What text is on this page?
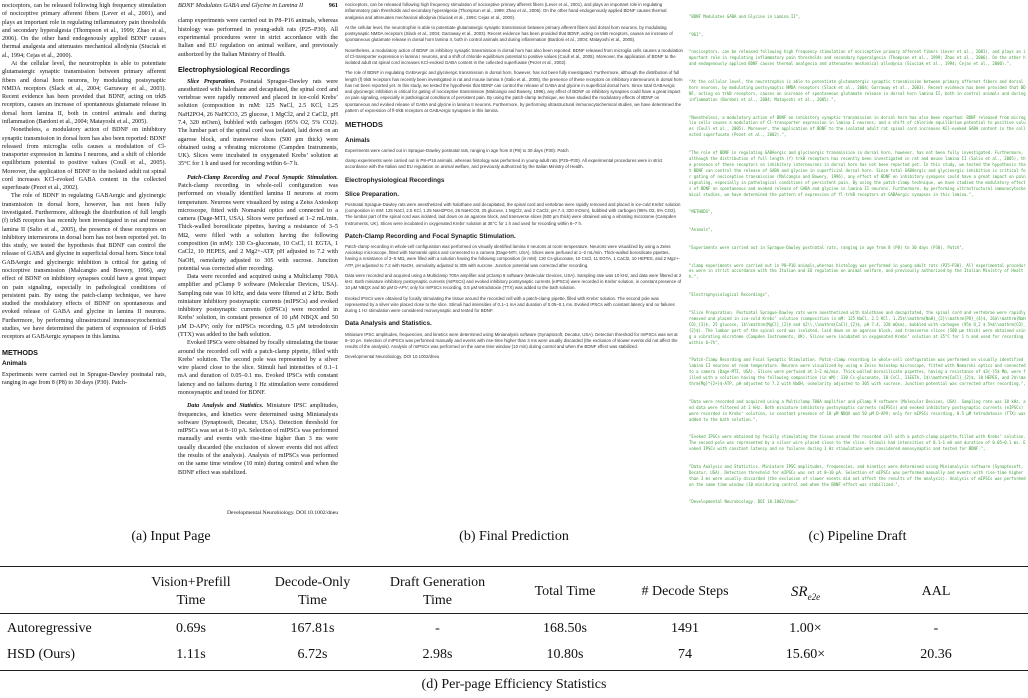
nociceptors, can be released following high frequency stimulation of nociceptive primary afferent fibers (Lever et al., 2001), and plays an important role in regulating inflammatory pain thresholds and secondary hyperalgesia (Thompson et al., 1999; Zhao et al., 2006). On the other hand endogenously applied BDNF causes thermal analgesia and attenuates mechanical allodynia (Siuciak et al., 1994; Cejas et al., 2000).

At the cellular level, the neurotrophin is able to potentiate glutamatergic synaptic transmission between primary afferent fibers and dorsal horn neurons, by modulating postsynaptic NMDA receptors (Slack et al., 2004; Garraway et al., 2003). Recent evidence has been provided that BDNF, acting on trkB receptors, causes an increase of spontaneous glutamate release in dorsal horn lamina II, both in control animals and during inflammation (Bardoni et al., 2004; Matayoshi et al., 2005).

Nonetheless, a modulatory action of BDNF on inhibitory synaptic transmission in dorsal horn has also been reported: BDNF released from microglia cells causes a modulation of Cl-transporter expression in lamina I neurons, and a shift of chloride equilibrium potential to positive values (Coull et al., 2005). Moreover, the application of BDNF to the isolated adult rat spinal cord increases KCl-evoked GABA content in the collected superfusate (Pezet et al., 2002).

The role of BDNF in regulating GABAergic and glycinergic transmission in dorsal horn, however, has not been fully investigated. Furthermore, although the distribution of full length (f) trkB receptors has recently been investigated in rat and mouse lamina II (Salio et al., 2005), the presence of these receptors on inhibitory interneurons in dorsal horn has not been reported yet. In this study, we tested the hypothesis that BDNF can control the release of GABA and glycine in superficial dorsal horn. Since total GABAergic and glycinergic inhibition is critical for gating of nociceptive transmission (Malcangio and Bowery, 1996), any effect of BDNF on inhibitory synapses could have a great impact on pain signaling, especially in pathological conditions of persistent pain. By using the patch-clamp technique, we have studied the modulatory effects of BDNF on spontaneous and evoked release of GABA and glycine in lamina II neurons. Furthermore, by performing ultrastructural immunocytochemical studies, we have determined the pattern of expression of fl-trkB receptors at GABAergic synapses in this lamina.

METHODS
Animals

Experiments were carried out in Sprague-Dawley postnatal rats, ranging in age from 8 (P8) to 30 days (P30). Patch-

BDNF Modulates GABA and Glycine in Lamina II	961

clamp experiments were carried out in P8–P16 animals, whereas histology was performed in young-adult rats (P25–P30). All experimental procedures were in strict accordance with the Italian and EU regulation on animal welfare, and previously authorized by the Italian Ministry of Health.

Electrophysiological Recordings

Slice Preparation. Postnatal Sprague-Dawley rats were anesthetized with halothane and decapitated, the spinal cord and vertebrae were rapidly removed and placed in ice-cold Krebs’ solution (composition in mM: 125 NaCl, 2.5 KCl, 1.25 NaH2PO4, 26 NaHCO3, 25 glucose, 1 MgCl2, and 2 CaCl2, pH 7.4, 320 mOsm), bubbled with carbogen (95% O2, 5% CO2). The lumbar part of the spinal cord was isolated, laid down on an agarose block, and transverse slices (500 μm thick) were obtained using a vibrating microtome (Campden Instruments, UK). Slices were incubated in oxygenated Krebs’ solution at 35°C for 1 h and used for recording within 6–7 h.

Patch-Clamp Recording and Focal Synaptic Stimulation. Patch-clamp recording in whole-cell configuration was performed on visually identified lamina II neurons at room temperature. Neurons were visualized by using a Zeiss Axioskop microscope, fitted with Nomarski optics and connected to a camera (Dage-MTI, USA). Slices were perfused at 1–2 mL/min. Thick-walled borosilicate pipettes, having a resistance of 3–5 MΩ, were filled with a solution having the following composition (in mM): 130 Cs-gluconate, 10 CsCl, 11 EGTA, 1 CaCl2, 10 HEPES, and 2 Mg2+-ATP, pH adjusted to 7.2 with NaOH, osmolarity adjusted to 305 with sucrose. Junction potential was corrected after recording.

Data were recorded and acquired using a Multiclamp 700A amplifier and pClamp 9 software (Molecular Devices, USA). Sampling rate was 10 kHz, and data were filtered at 2 kHz. Both miniature inhibitory postsynaptic currents (mIPSCs) and evoked inhibitory postsynaptic currents (eIPSCs) were recorded in Krebs’ solution, in constant presence of 10 μM NBQX and 50 μM D-APV; only for mIPSCs recording, 0.5 μM tetrodotoxin (TTX) was added to the bath solution.

Evoked IPSCs were obtained by focally stimulating the tissue around the recorded cell with a patch-clamp pipette, filled with Krebs’ solution. The second pole was represented by a silver wire placed close to the slice. Stimuli had intensities of 0.1–1 mA and duration of 0.05–0.1 ms. Evoked IPSCs with constant latency and no failures during 1 Hz stimulation were considered monosynaptic and tested for BDNF.

Data Analysis and Statistics. Miniature IPSC amplitudes, frequencies, and kinetics were determined using Minianalysis software (Synaptosoft, Decatur, USA). Detection threshold for mIPSCs was set at 8–10 pA. Selection of mIPSCs was performed manually and events with rise-time higher than 3 ms were usually discarded (the exclusion of slower events did not affect the results of the analysis). Analysis of mIPSCs was performed on the same time window (10 min) during control and when the BDNF effect was stabilized.

Developmental Neurobiology. DOI 10.1002/dneu

nociceptors, can be released following high frequency stimulation of nociceptive primary afferent fibers (Lever et al., 2001), and plays an important role in regulating inflammatory pain thresholds and secondary hyperalgesia (Thompson et al., 1999; Zhao et al., 2006). On the other hand endogenously applied BDNF causes thermal analgesia and attenuates mechanical allodynia (Siuciak et al., 1994; Cejas et al., 2000).

At the cellular level, the neurotrophin is able to potentiate glutamatergic synaptic transmission between primary afferent fibers and dorsal horn neurons, by modulating postsynaptic NMDA receptors (Slack et al., 2004; Garraway et al., 2003). Recent evidence has been provided that BDNF, acting on trkB receptors, causes an increase of spontaneous glutamate release in dorsal horn lamina II, both in control animals and during inflammation (Bardoni et al., 2004; Matayoshi et al., 2005).

Nonetheless, a modulatory action of BDNF on inhibitory synaptic transmission in dorsal horn has also been reported: BDNF released from microglia cells causes a modulation of Cl-transporter expression in lamina I neurons, and a shift of chloride equilibrium potential to positive values (Coull et al., 2005). Moreover, the application of BDNF to the isolated adult rat spinal cord increases KCl-evoked GABA content in the collected superfusate (Pezet et al., 2002).

The role of BDNF in regulating GABAergic and glycinergic transmission in dorsal horn, however, has not been fully investigated. Furthermore, although the distribution of full length (f) trkB receptors has recently been investigated in rat and mouse lamina II (Salio et al., 2005), the presence of these receptors on inhibitory interneurons in dorsal horn has not been reported yet. In this study, we tested the hypothesis that BDNF can control the release of GABA and glycine in superficial dorsal horn. Since total GABAergic and glycinergic inhibition is critical for gating of nociceptive transmission (Malcangio and Bowery, 1996), any effect of BDNF on inhibitory synapses could have a great impact on pain signaling, especially in pathological conditions of persistent pain. By using the patch-clamp technique, we have studied the modulatory effects of BDNF on spontaneous and evoked release of GABA and glycine in lamina II neurons. Furthermore, by performing ultrastructural immunocytochemical studies, we have determined the pattern of expression of fl-trkB receptors at GABAergic synapses in this lamina.

METHODS
Animals

Experiments were carried out in Sprague-Dawley postnatal rats, ranging in age from 8 (P8) to 30 days (P30). Patch

clamp experiments were carried out in P8–P16 animals, whereas histology was performed in young-adult rats (P25–P30). All experimental procedures were in strict accordance with the Italian and EU regulation on animal welfare, and previously authorized by the Italian Ministry of Health.

Electrophysiological Recordings
Slice Preparation.

Postnatal Sprague-Dawley rats were anesthetized with halothane and decapitated, the spinal cord and vertebrae were rapidly removed and placed in ice-cold Krebs’ solution (composition in mM: 125 NaCl, 2.5 KCl, 1.25 NaH2PO4, 26 NaHCO3, 25 glucose, 1 MgCl2, and 2 CaCl2, pH 7.4, 320 mOsm), bubbled with carbogen (95% O2, 5% CO2). The lumbar part of the spinal cord was isolated, laid down on an agarose block, and transverse slices (500 μm thick) were obtained using a vibrating microtome (Campden Instruments, UK). Slices were incubated in oxygenated Krebs’ solution at 35°C for 1 h and used for recording within 6–7 h.

Patch-Clamp Recording and Focal Synaptic Stimulation.

Patch-clamp recording in whole-cell configuration was performed on visually identified lamina II neurons at room temperature. Neurons were visualized by using a Zeiss Axioskop microscope, fitted with Nomarski optics and connected to a camera (Dage-MTI, USA). Slices were perfused at 1–2 mL/min. Thick-walled borosilicate pipettes, having a resistance of 3–5 MΩ, were filled with a solution having the following composition (in mM): 130 Cs-gluconate, 10 CsCl, 11 EGTA, 1 CaCl2, 10 HEPES, and 2 Mg2+-ATP, pH adjusted to 7.2 with NaOH, osmolarity adjusted to 305 with sucrose. Junction potential was corrected after recording.

Data were recorded and acquired using a Multiclamp 700A amplifier and pClamp 9 software (Molecular Devices, USA). Sampling rate was 10 kHz, and data were filtered at 2 kHz. Both miniature inhibitory postsynaptic currents (mIPSCs) and evoked inhibitory postsynaptic currents (eIPSCs) were recorded in Krebs’ solution, in constant presence of 10 μM NBQX and 50 μM D-APV; only for mIPSCs recording, 0.5 μM tetrodotoxin (TTX) was added to the bath solution.

Evoked IPSCs were obtained by focally stimulating the tissue around the recorded cell with a patch-clamp pipette, filled with Krebs’ solution. The second pole was represented by a silver wire placed close to the slice. Stimuli had intensities of 0.1–1 mA and duration of 0.05–0.1 ms. Evoked IPSCs with constant latency and no failures during 1 Hz stimulation were considered monosynaptic and tested for BDNF.

Data Analysis and Statistics.

Miniature IPSC amplitudes, frequencies, and kinetics were determined using Minianalysis software (Synaptosoft, Decatur, USA). Detection threshold for mIPSCs was set at 8–10 pA. Selection of mIPSCs was performed manually and events with rise-time higher than 3 ms were usually discarded (the exclusion of slower events did not affect the results of the analysis). Analysis of mIPSCs was performed on the same time window (10 min) during control and when the BDNF effect was stabilized.

Developmental Neurobiology. DOI 10.1002/dneu

"BDNF Modulates GABA and Glycine in Lamina II",

"961",

"nociceptors, can be released following high frequency stimulation of nociceptive primary afferent fibers (Lever et al., 2001), and plays an important role in regulating inflammatory pain thresholds and secondary hyperalgesia (Thompson et al., 1999; Zhao et al., 2006). On the other hand endogenously applied BDNF causes thermal analgesia and attenuates mechanical allodynia (Siuciak et al., 1994; Cejas et al., 2000).",

"At the cellular level, the neurotrophin is able to potentiate glutamatergic synaptic transmission between primary afferent fibers and dorsal horn neurons, by modulating postsynaptic NMDA receptors (Slack et al., 2004; Garraway et al., 2003). Recent evidence has been provided that BDNF, acting on trkB receptors, causes an increase of spontaneous glutamate release in dorsal horn lamina II, both in control animals and during inflammation (Bardoni et al., 2004; Matayoshi et al., 2005).",

"Nonetheless, a modulatory action of BDNF on inhibitory synaptic transmission in dorsal horn has also been reported: BDNF released from microglia cells causes a modulation of Cl-transporter expression in lamina I neurons, and a shift of chloride equilibrium potential to positive values (Coull et al., 2005). Moreover, the application of BDNF to the isolated adult rat spinal cord increases KCl-evoked GABA content in the collected superfusate (Pezet et al., 2002).",

"The role of BDNF in regulating GABAergic and glycinergic transmission in dorsal horn, however, has not been fully investigated. Furthermore, although the distribution of full length (f) trkB receptors has recently been investigated in rat and mouse lamina II (Salio et al., 2005), the presence of these receptors on inhibitory interneurons in dorsal horn has not been reported yet. In this study, we tested the hypothesis that BDNF can control the release of GABA and glycine in superficial dorsal horn. Since total GABAergic and glycinergic inhibition is critical for gating of nociceptive transmission (Malcangio and Bowery, 1996), any effect of BDNF on inhibitory synapses could have a great impact on pain signaling, especially in pathological conditions of persistent pain. By using the patch-clamp technique, we have studied the modulatory effects of BDNF on spontaneous and evoked release of GABA and glycine in lamina II neurons. Furthermore, by performing ultrastructural immunocytochemical studies, we have determined the pattern of expression of fl-trkB receptors at GABAergic synapses in this lamina.",

"METHODS",

"Animals",

"Experiments were carried out in Sprague-Dawley postnatal rats, ranging in age from 8 (P8) to 30 days (P30). Patch",

"clamp experiments were carried out in P8–P16 animals,whereas histology was performed in young-adult rats (P25–P30). All experimental procedures were in strict accordance with the Italian and EU regulation on animal welfare, and previously authorized by the Italian Ministry of Health.",

"Electrophysiological Recordings",

"Slice Preparation. Postnatal Sprague-Dawley rats were anesthetized with halothane and decapitated, the spinal cord and vertebrae were rapidly removed and placed in ice-cold Krebs’ solution (composition in mM: 125 NaCl, 2.5 KCl, 1.25$\\mathrm{NaH}_{2}\\mathrm{PO}_{4}$, 26$\\mathrm{NaHCO}_{3}$, 25 glucose, 1$\\mathrm{MgCl}_{2}$ and $2\\,\\mathrm{CaCl}_{2}$, pH 7.4, 320 mOsm), bubbled with carbogen (95$ O_2 $ 5%$\\mathrm{CO}_{2}$). The lumbar part of the spinal cord was isolated, laid down on an agarose block, and transverse slices (500 μm thick) were obtained using a vibrating microtome (Campden Instruments, UK). Slices were incubated in oxygenated Krebs’ solution at 35°C for 1 h and used for recording within 6–7h",

"Patch-Clamp Recording and Focal Synaptic Stimulation. Patch-clamp recording in whole-cell configuration was performed on visually identified lamina II neurons at room temperature. Neurons were visualized by using a Zeiss Axioskop microscope, fitted with Nomarski optics and connected to a camera (Dage-MTI, USA). Slices were perfused at 1–2 mL/min. Thick-walled borosilicate pipettes, having a resistance of $3{-}5$ MΩ, were filled with a solution having the following composition (in mM): 130 Cs-gluconate, 10 CsCl, 11EGTA, 1$\\mathrm{CaCl}_{2}$, 10 HEPES, and 2$\\mathrm{Mg}^{2+}$-ATP, pH adjusted to 7.2 with NaOH, osmolarity adjusted to 305 with sucrose. Junction potential was corrected after recording.",

"Data were recorded and acquired using a Multiclamp 700A amplifier and pClamp 9 software (Molecular Devices, USA). Sampling rate was 10 kHz, and data were filtered at 2 kHz. Both miniature inhibitory postsynaptic currents (mIPSCs) and evoked inhibitory postsynaptic currents (eIPSCs) were recorded in Krebs’ solution, in constant presence of 10 μM NBQX and 50 μM D-APV; only for mIPSCs recording, 0.5 μM tetrodotoxin (TTX) was added to the bath solution.",

"Evoked IPSCs were obtained by focally stimulating the tissue around the recorded cell with a patch-clamp pipette,filled with Krebs’ solution. The second pole was represented by a silver wire placed close to the slice. Stimuli had intensities of 0.1–1 mA and duration of 0.05–0.1 ms. Evoked IPSCs with constant latency and no failures during 1 Hz stimulation were considered monosynaptic and tested for BDNF.",

"Data Analysis and Statistics. Miniature IPSC amplitudes, frequencies, and kinetics were determined using Minianalysis software (Synaptosoft, Decatur, USA). Detection threshold for mIPSCs was set at 8–10 pA. Selection of mIPSCs was performed manually and events with rise-time higher than 3 ms were usually discarded (the exclusion of slower events did not affect the results of the analysis). Analysis of mIPSCs was performed on the same time window (10 min)during control and when the BDNF effect was stabilized.",

"Developmental Neurobiology. DOI 10.1002/dneu"

(a) Input Page	(b) Final Prediction	(c) Pipeline Draft
Vision+Prefill
Time
Decode-Only
Time
Draft Generation
Time
Total Time	# Decode Steps	$SR_{e2e}$	AAL
Autoregressive	0.69s	167.81s	-	168.50s	1491	1.00×	-
HSD (Ours)	1.11s	6.72s	2.98s	10.80s	74	15.60×	20.36
(d) Per-page Efficiency Statistics
